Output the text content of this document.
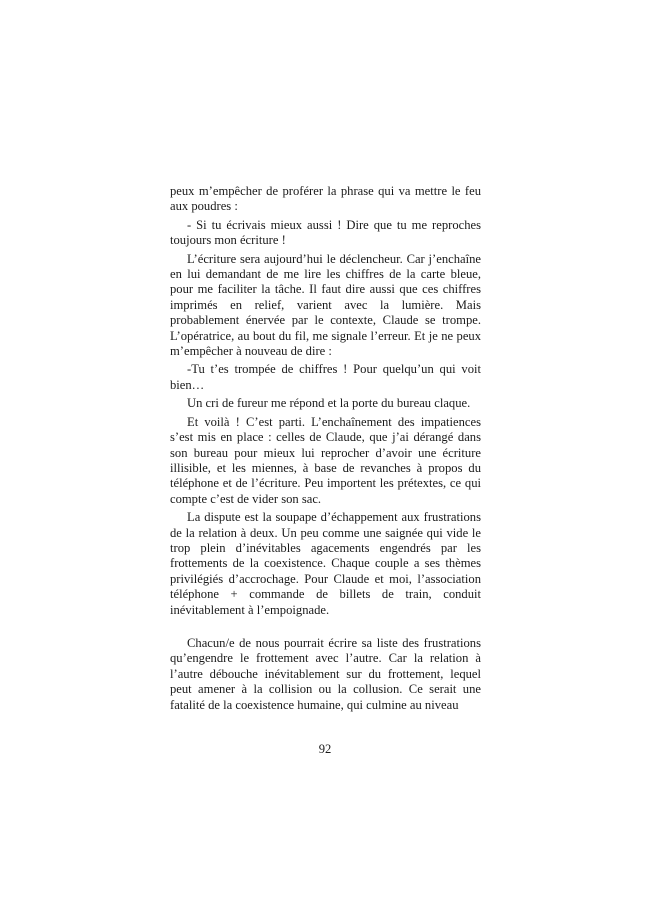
peux m’empêcher de proférer la phrase qui va mettre le feu aux poudres :

- Si tu écrivais mieux aussi ! Dire que tu me reproches toujours mon écriture !

L’écriture sera aujourd’hui le déclencheur. Car j’enchaîne en lui demandant de me lire les chiffres de la carte bleue, pour me faciliter la tâche. Il faut dire aussi que ces chiffres imprimés en relief, varient avec la lumière. Mais probablement énervée par le contexte, Claude se trompe. L’opératrice, au bout du fil, me signale l’erreur. Et je ne peux m’empêcher à nouveau de dire :

-Tu t’es trompée de chiffres ! Pour quelqu’un qui voit bien…

Un cri de fureur me répond et la porte du bureau claque.

Et voilà ! C’est parti. L’enchaînement des impatiences s’est mis en place : celles de Claude, que j’ai dérangé dans son bureau pour mieux lui reprocher d’avoir une écriture illisible, et les miennes, à base de revanches à propos du téléphone et de l’écriture. Peu importent les prétextes, ce qui compte c’est de vider son sac.

La dispute est la soupape d’échappement aux frustrations de la relation à deux. Un peu comme une saignée qui vide le trop plein d’inévitables agacements engendrés par les frottements de la coexistence. Chaque couple a ses thèmes privilégiés d’accrochage. Pour Claude et moi, l’association téléphone + commande de billets de train, conduit inévitablement à l’empoignade.

Chacun/e de nous pourrait écrire sa liste des frustrations qu’engendre le frottement avec l’autre. Car la relation à l’autre débouche inévitablement sur du frottement, lequel peut amener à la collision ou la collusion. Ce serait une fatalité de la coexistence humaine, qui culmine au niveau

92
